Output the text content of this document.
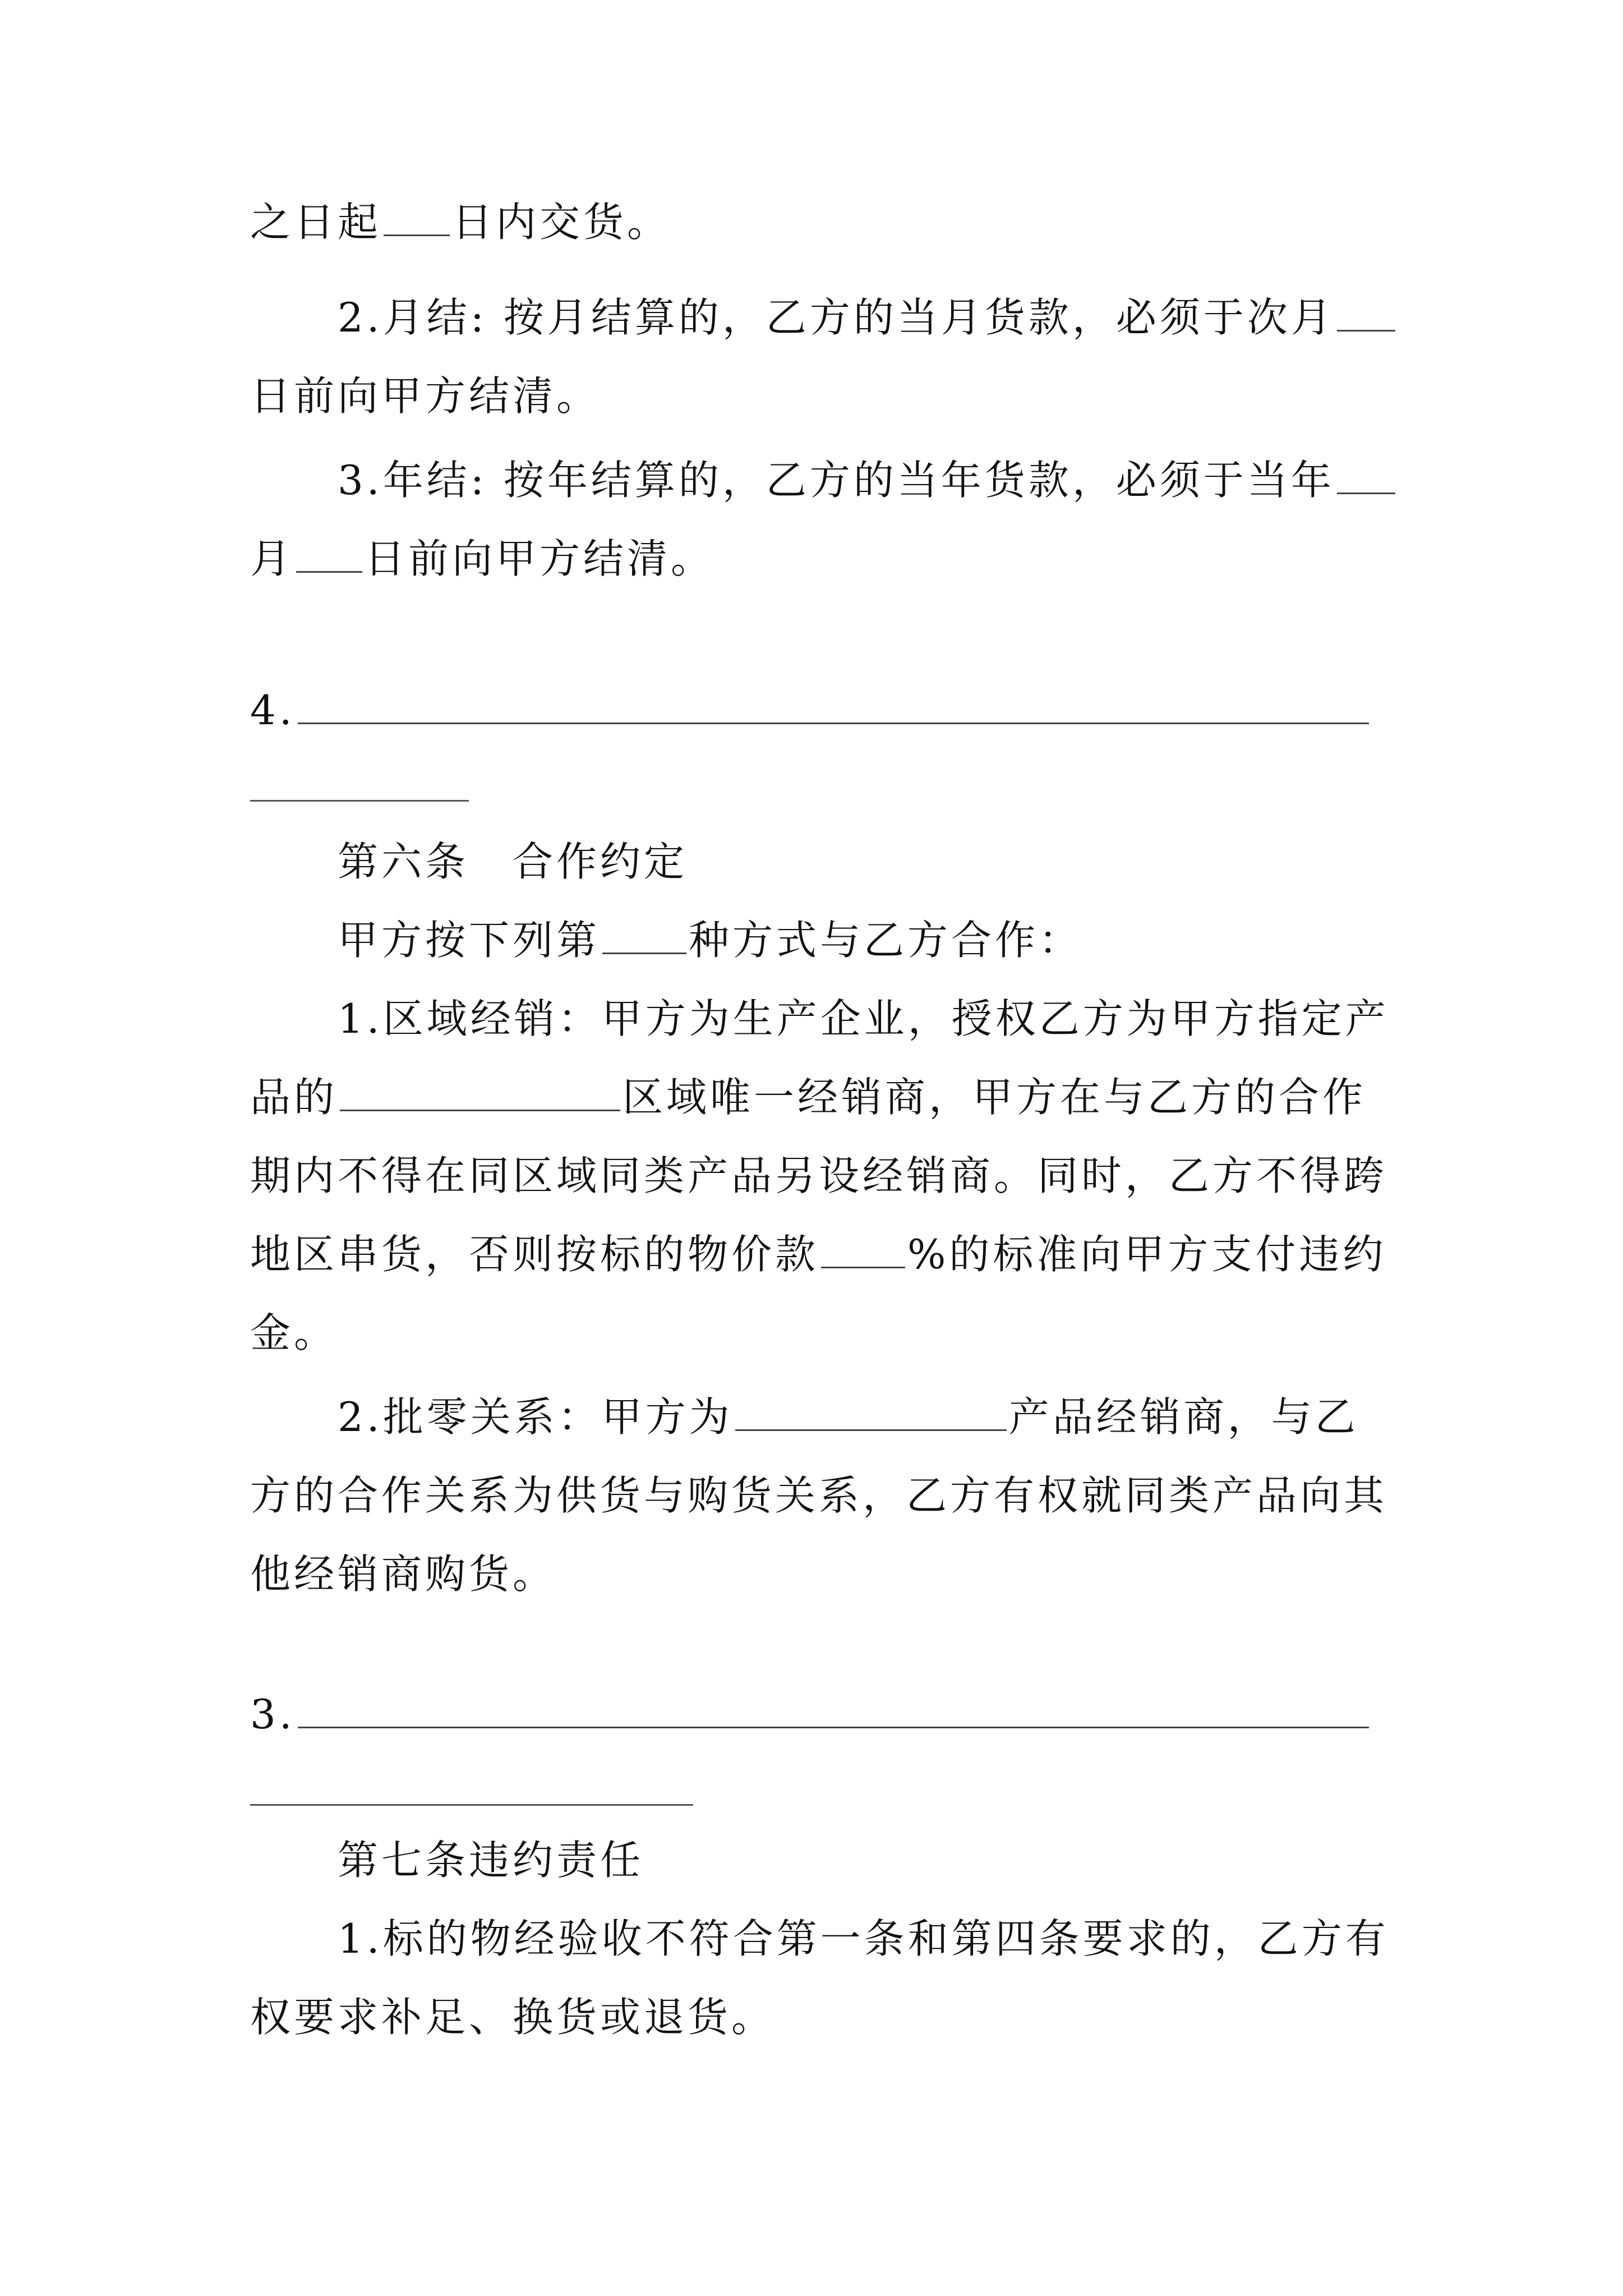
之日起 日内交货。
2.月结: 按月结算的，乙方的当月货款，必须于次月
日前向甲方结清。
3.年结: 按年结算的，乙方的当年货款，必须于当年
月 日前向甲方结清。
4.
第六条　合作约定
甲方按下列第 种方式与乙方合作：
1.区域经销：甲方为生产企业，授权乙方为甲方指定产
品的	区域唯一经销商，甲方在与乙方的合作
期内不得在同区域同类产品另设经销商。同时，乙方不得跨
地区串货，否则按标的物价款 %的标准向甲方支付违约
金。
2.批零关系：甲方为	产品经销商，与乙
方的合作关系为供货与购货关系，乙方有权就同类产品向其
他经销商购货。
3.
第七条违约责任
1.标的物经验收不符合第一条和第四条要求的，乙方有
权要求补足、换货或退货。
